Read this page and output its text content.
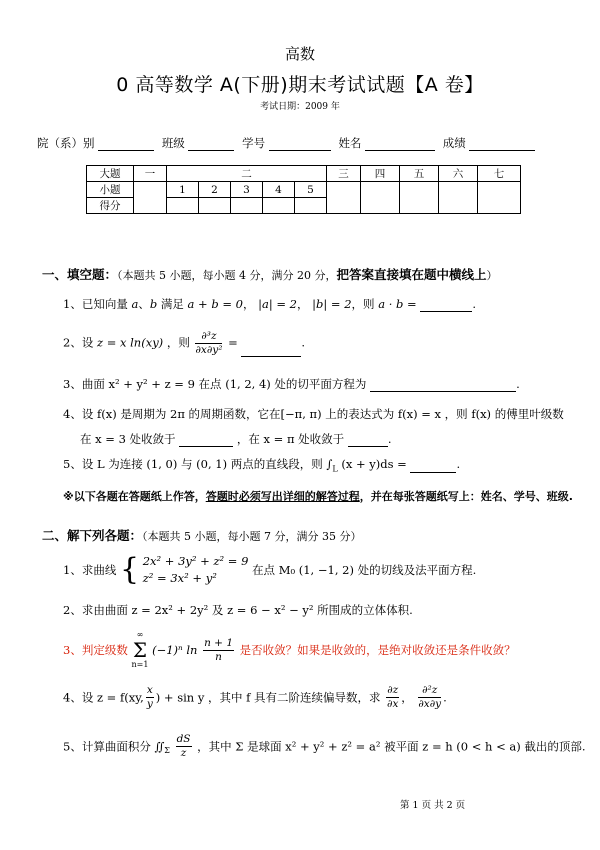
高数
0 高等数学 A(下册)期末考试试题【A 卷】
考试日期：2009 年
院（系）别	班级	学号	姓名	成绩
大题	一	二					三	四	五	六	七
小题		1	2	3	4	5					
得分											
一、填空题：（本题共 5 小题，每小题 4 分，满分 20 分，把答案直接填在题中横线上）
1、已知向量 a、b 满足 a + b = 0， |a| = 2， |b| = 2，则 a · b =	.
2、设 z = x ln(xy) ，则 $\frac{\text{∂³z}}{\text{∂x∂y²}}$ =	.
3、曲面 x² + y² + z = 9 在点 (1, 2, 4) 处的切平面方程为	.
4、设 f(x) 是周期为 2π 的周期函数，它在[−π, π) 上的表达式为 f(x) = x ，则 f(x) 的傅里叶级数
在 x = 3 处收敛于	，在 x = π 处收敛于	.
5、设 L 为连接 (1, 0) 与 (0, 1) 两点的直线段，则 $\int_L$ (x + y)ds =	.
※以下各题在答题纸上作答，答题时必须写出详细的解答过程，并在每张答题纸写上：姓名、学号、班级.
二、解下列各题：（本题共 5 小题，每小题 7 分，满分 35 分）
1、求曲线 { 2x² + 3y² + z² = 9
z² = 3x² + y²
在点 M₀ (1, −1, 2) 处的切线及法平面方程.
2、求由曲面 z = 2x² + 2y² 及 z = 6 − x² − y² 所围成的立体体积.
3、判定级数
∞
Σ
n=1
(−1)ⁿ $\ln \frac{n + 1}{n}$ 是否收敛？如果是收敛的，是绝对收敛还是条件收敛？
4、设 z = f(xy, $\frac{x}{y}$ ) + sin y ，其中 f 具有二阶连续偏导数，求 $\frac{\partial z}{\partial x}$ ， $\frac{\text{∂²z}}{\partial x\partial y}$ .
5、计算曲面积分 $∬_\Sigma \frac{dS}{z}$ ，其中 Σ 是球面 x² + y² + z² = a² 被平面 z = h (0 < h < a) 截出的顶部.
第 1 页 共 2 页
